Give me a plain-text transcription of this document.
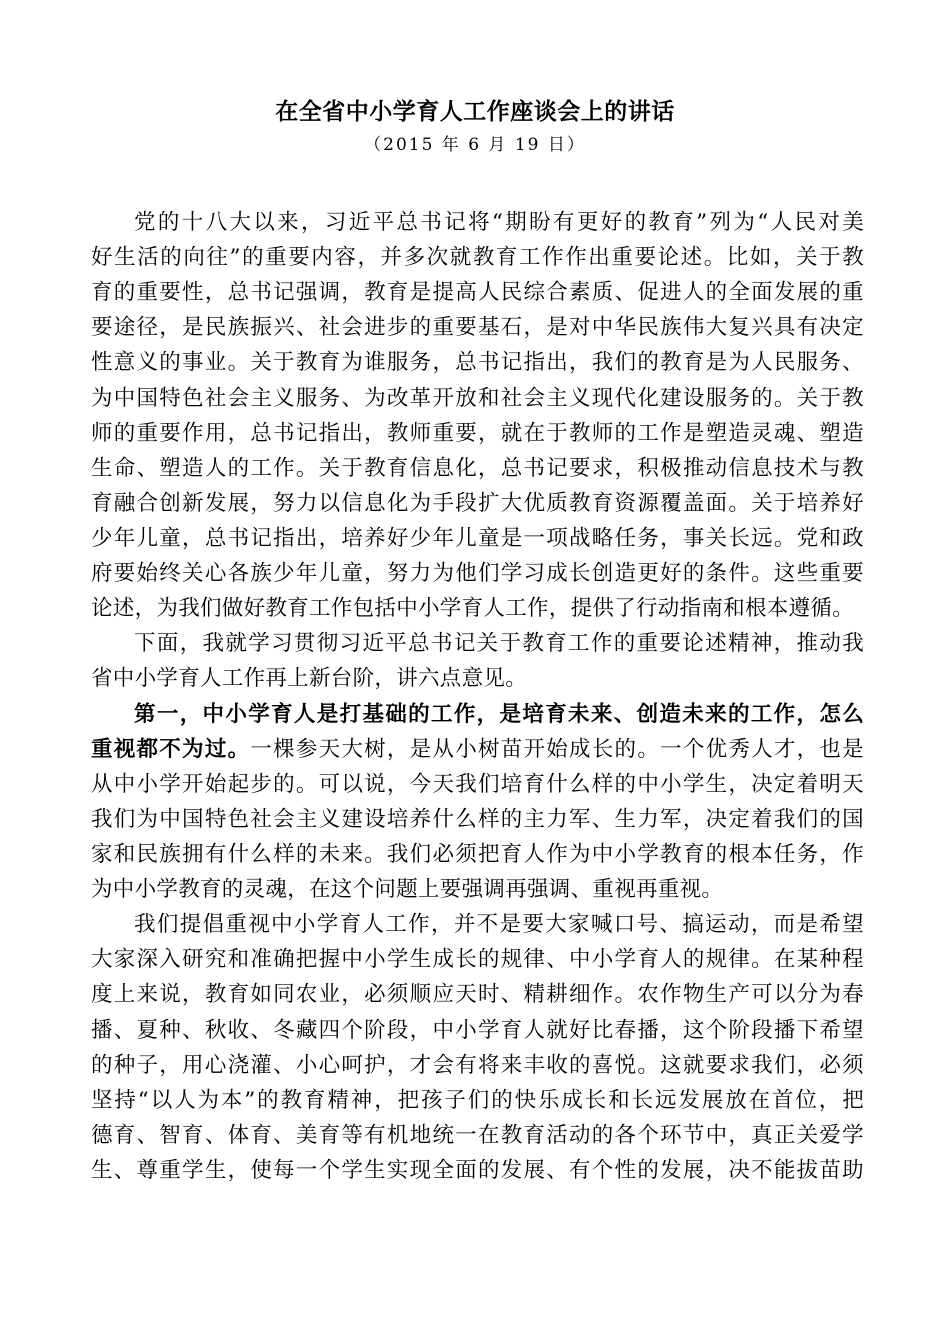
在全省中小学育人工作座谈会上的讲话
（2015 年 6 月 19 日）
党的十八大以来，习近平总书记将“期盼有更好的教育”列为“人民对美
好生活的向往”的重要内容，并多次就教育工作作出重要论述。比如，关于教
育的重要性，总书记强调，教育是提高人民综合素质、促进人的全面发展的重
要途径，是民族振兴、社会进步的重要基石，是对中华民族伟大复兴具有决定
性意义的事业。关于教育为谁服务，总书记指出，我们的教育是为人民服务、
为中国特色社会主义服务、为改革开放和社会主义现代化建设服务的。关于教
师的重要作用，总书记指出，教师重要，就在于教师的工作是塑造灵魂、塑造
生命、塑造人的工作。关于教育信息化，总书记要求，积极推动信息技术与教
育融合创新发展，努力以信息化为手段扩大优质教育资源覆盖面。关于培养好
少年儿童，总书记指出，培养好少年儿童是一项战略任务，事关长远。党和政
府要始终关心各族少年儿童，努力为他们学习成长创造更好的条件。这些重要
论述，为我们做好教育工作包括中小学育人工作，提供了行动指南和根本遵循。
下面，我就学习贯彻习近平总书记关于教育工作的重要论述精神，推动我
省中小学育人工作再上新台阶，讲六点意见。
第一，中小学育人是打基础的工作，是培育未来、创造未来的工作，怎么
重视都不为过。一棵参天大树，是从小树苗开始成长的。一个优秀人才，也是
从中小学开始起步的。可以说，今天我们培育什么样的中小学生，决定着明天
我们为中国特色社会主义建设培养什么样的主力军、生力军，决定着我们的国
家和民族拥有什么样的未来。我们必须把育人作为中小学教育的根本任务，作
为中小学教育的灵魂，在这个问题上要强调再强调、重视再重视。
我们提倡重视中小学育人工作，并不是要大家喊口号、搞运动，而是希望
大家深入研究和准确把握中小学生成长的规律、中小学育人的规律。在某种程
度上来说，教育如同农业，必须顺应天时、精耕细作。农作物生产可以分为春
播、夏种、秋收、冬藏四个阶段，中小学育人就好比春播，这个阶段播下希望
的种子，用心浇灌、小心呵护，才会有将来丰收的喜悦。这就要求我们，必须
坚持“以人为本”的教育精神，把孩子们的快乐成长和长远发展放在首位，把
德育、智育、体育、美育等有机地统一在教育活动的各个环节中，真正关爱学
生、尊重学生，使每一个学生实现全面的发展、有个性的发展，决不能拔苗助
